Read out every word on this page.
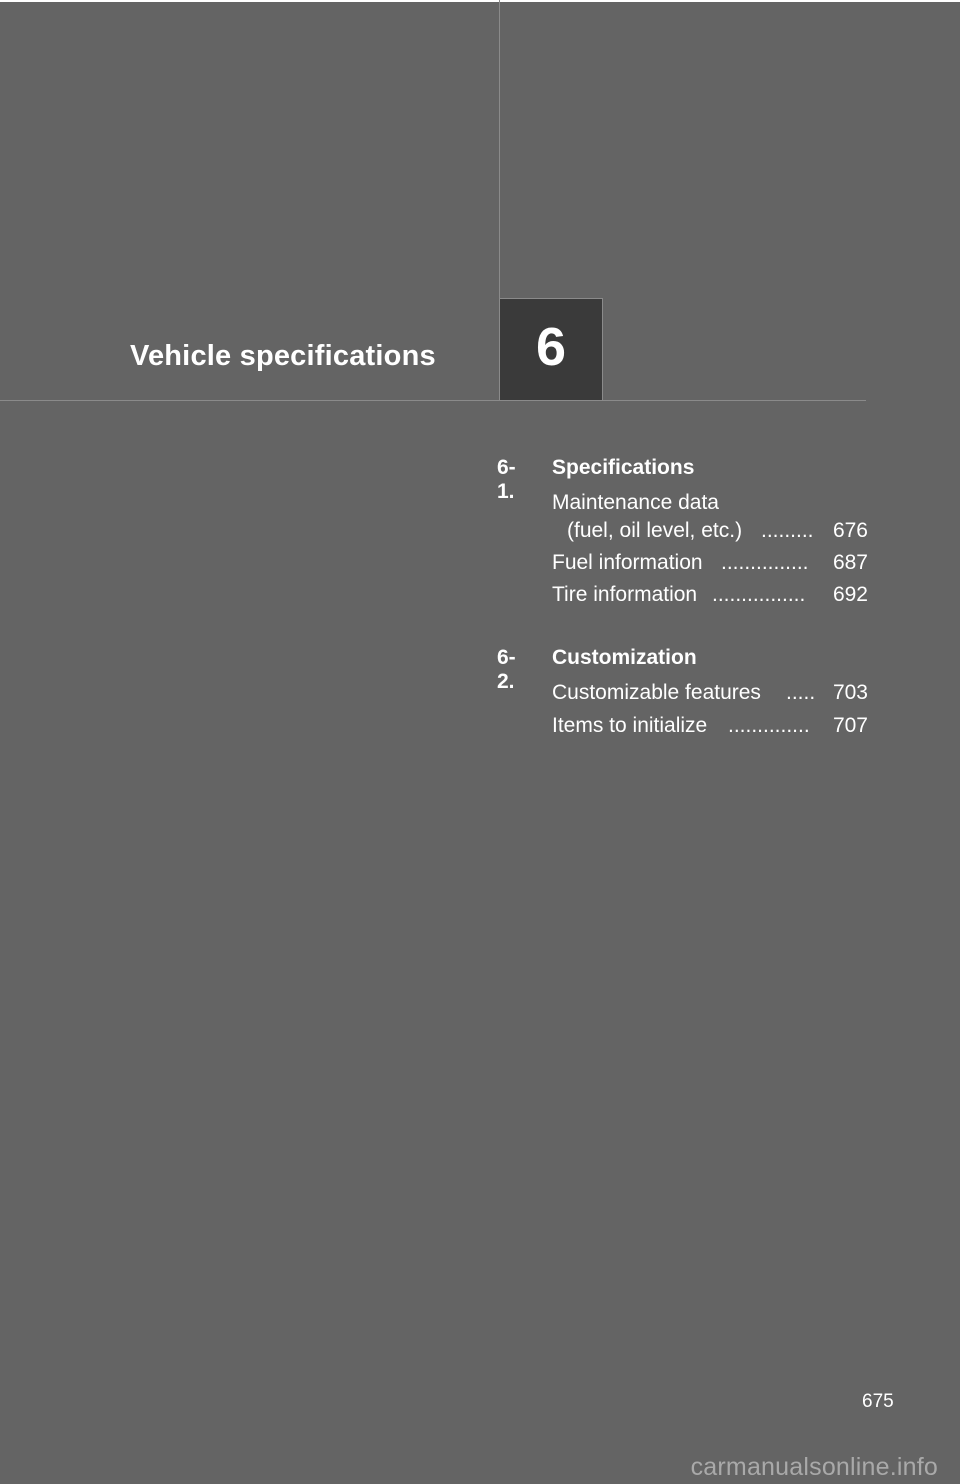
Vehicle specifications 6
6-1.
Specifications
Maintenance data
(fuel, oil level, etc.) ......... 676
Fuel information ............... 687
Tire information ................ 692
6-2.
Customization
Customizable features ..... 703
Items to initialize .............. 707
675
carmanualsonline.info
